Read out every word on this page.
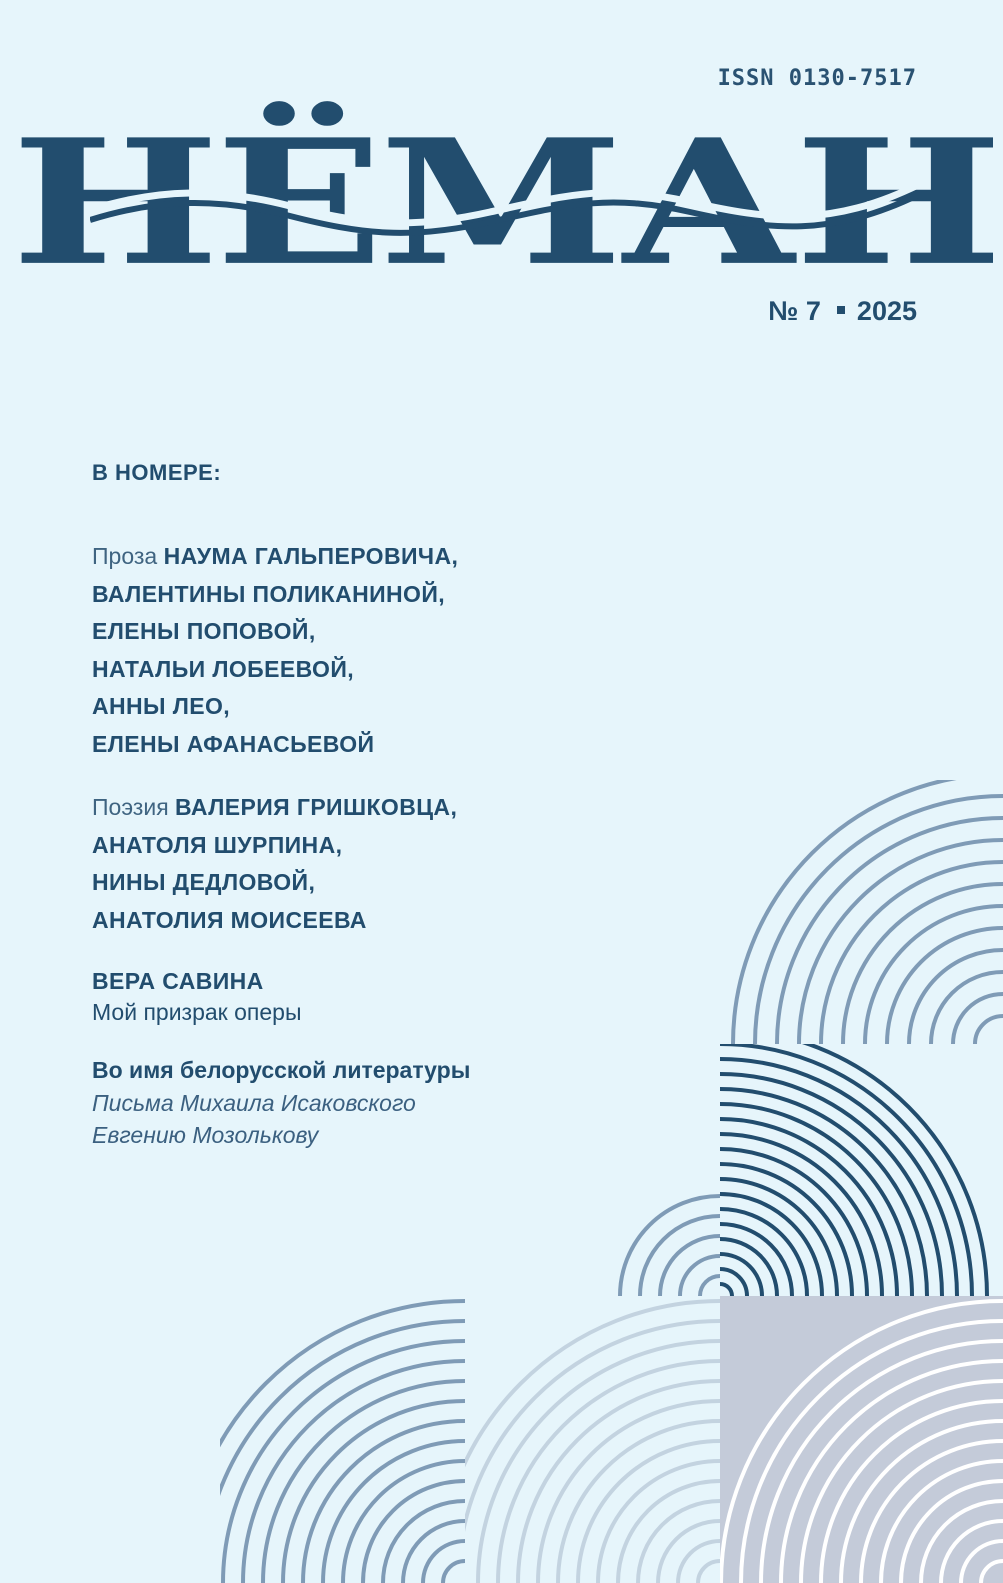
ISSN 0130-7517
НЁМАН
№ 7 2025
В НОМЕРЕ:
Проза НАУМА ГАЛЬПЕРОВИЧА,
ВАЛЕНТИНЫ ПОЛИКАНИНОЙ,
ЕЛЕНЫ ПОПОВОЙ,
НАТАЛЬИ ЛОБЕЕВОЙ,
АННЫ ЛЕО,
ЕЛЕНЫ АФАНАСЬЕВОЙ
Поэзия ВАЛЕРИЯ ГРИШКОВЦА,
АНАТОЛЯ ШУРПИНА,
НИНЫ ДЕДЛОВОЙ,
АНАТОЛИЯ МОИСЕЕВА
ВЕРА САВИНА
Мой призрак оперы
Во имя белорусской литературы
Письма Михаила Исаковского
Евгению Мозолькову
